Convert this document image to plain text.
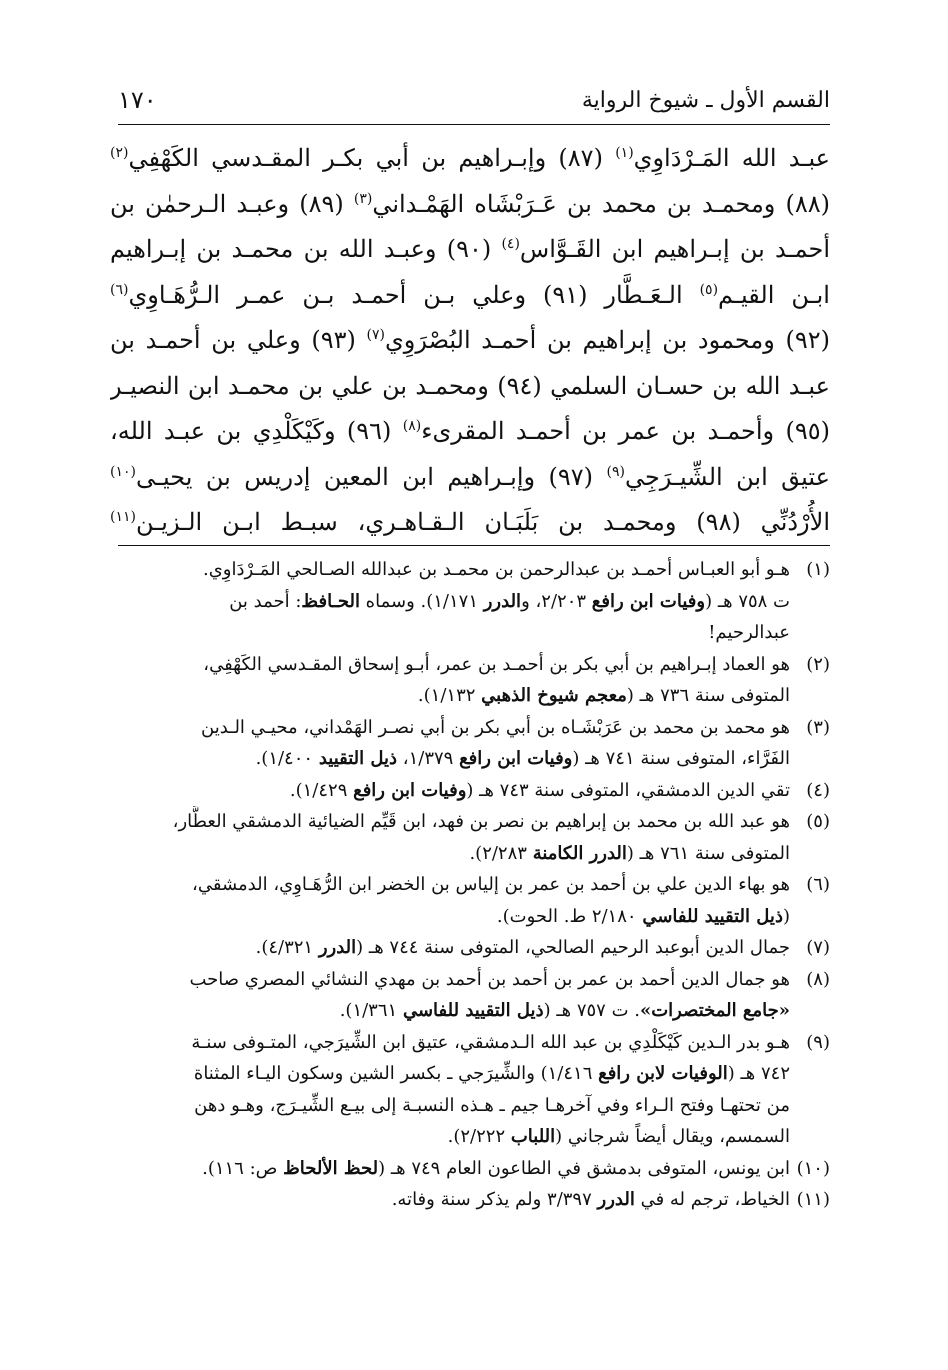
القسم الأول ـ شيوخ الرواية
١٧٠
عبـد الله المَـرْدَاوِي$^{(١)}$ (٨٧) وإبـراهيم بن أبي بكـر المقـدسي الكَهْفِي$^{(٢)}$
(٨٨) ومحمـد بن محمد بن عَـرَبْشَاه الهَمْـداني$^{(٣)}$ (٨٩) وعبـد الـرحمٰن بن
أحمـد بن إبـراهيم ابن القَـوَّاس$^{(٤)}$ (٩٠) وعبـد الله بن محمـد بن إبـراهيم
ابـن القيـم$^{(٥)}$ الـعَـطَّار (٩١) وعلي بـن أحمـد بـن عمـر الـرُّهَـاوِي$^{(٦)}$
(٩٢) ومحمود بن إبراهيم بن أحمـد البُصْرَوِي$^{(٧)}$ (٩٣) وعلي بن أحمـد بن
عبـد الله بن حسـان السلمي (٩٤) ومحمـد بن علي بن محمـد ابن النصيـر
(٩٥) وأحمـد بن عمر بن أحمـد المقرىء$^{(٨)}$ (٩٦) وكَيْكَلْدِي بن عبـد الله،
عتيق ابن الشِّيـرَجِي$^{(٩)}$ (٩٧) وإبـراهيم ابن المعين إدريس بن يحيـى$^{(١٠)}$
الأُرْدُنِّي (٩٨) ومحمـد بن بَلَبَـان الـقـاهـري، سبـط ابـن الـزيـن$^{(١١)}$
(١)
هـو أبو العبـاس أحمـد بن عبدالرحمن بن محمـد بن عبدالله الصـالحي المَـرْدَاوِي.
ت ٧٥٨ هـ (وفيات ابن رافع ٢/٢٠٣، والدرر ١/١٧١). وسماه الحـافظ: أحمد بن
عبدالرحيم!
(٢)
هو العماد إبـراهيم بن أبي بكر بن أحمـد بن عمر، أبـو إسحاق المقـدسي الكَهْفِي،
المتوفى سنة ٧٣٦ هـ (معجم شيوخ الذهبي ١/١٣٢).
(٣)
هو محمد بن محمد بن عَرَبْشَـاه بن أبي بكر بن أبي نصـر الهَمْداني، محيـي الـدين
الفَرَّاء، المتوفى سنة ٧٤١ هـ (وفيات ابن رافع ١/٣٧٩، ذيل التقييد ١/٤٠٠).
(٤)
تقي الدين الدمشقي، المتوفى سنة ٧٤٣ هـ (وفيات ابن رافع ١/٤٢٩).
(٥)
هو عبد الله بن محمد بن إبراهيم بن نصر بن فهد، ابن قَيِّم الضيائية الدمشقي العطَّار،
المتوفى سنة ٧٦١ هـ (الدرر الكامنة ٢/٢٨٣).
(٦)
هو بهاء الدين علي بن أحمد بن عمر بن إلياس بن الخضر ابن الرُّهَـاوِي، الدمشقي،
(ذيل التقييد للفاسي ٢/١٨٠ ط. الحوت).
(٧)
جمال الدين أبوعبد الرحيم الصالحي، المتوفى سنة ٧٤٤ هـ (الدرر ٤/٣٢١).
(٨)
هو جمال الدين أحمد بن عمر بن أحمد بن أحمد بن مهدي النشائي المصري صاحب
«جامع المختصرات». ت ٧٥٧ هـ (ذيل التقييد للفاسي ١/٣٦١).
(٩)
هـو بدر الـدين كَيْكَلْدِي بن عبد الله الـدمشقي، عتيق ابن الشِّيرَجي، المتـوفى سنـة
٧٤٢ هـ (الوفيات لابن رافع ١/٤١٦) والشِّيرَجي ـ بكسر الشين وسكون اليـاء المثناة
من تحتهـا وفتح الـراء وفي آخرهـا جيم ـ هـذه النسبـة إلى بيـع الشِّيـرَج، وهـو دهن
السمسم، ويقال أيضاً شرجاني (اللباب ٢/٢٢٢).
(١٠)
ابن يونس، المتوفى بدمشق في الطاعون العام ٧٤٩ هـ (لحظ الألحاظ ص: ١١٦).
(١١)
الخياط، ترجم له في الدرر ٣/٣٩٧ ولم يذكر سنة وفاته.
